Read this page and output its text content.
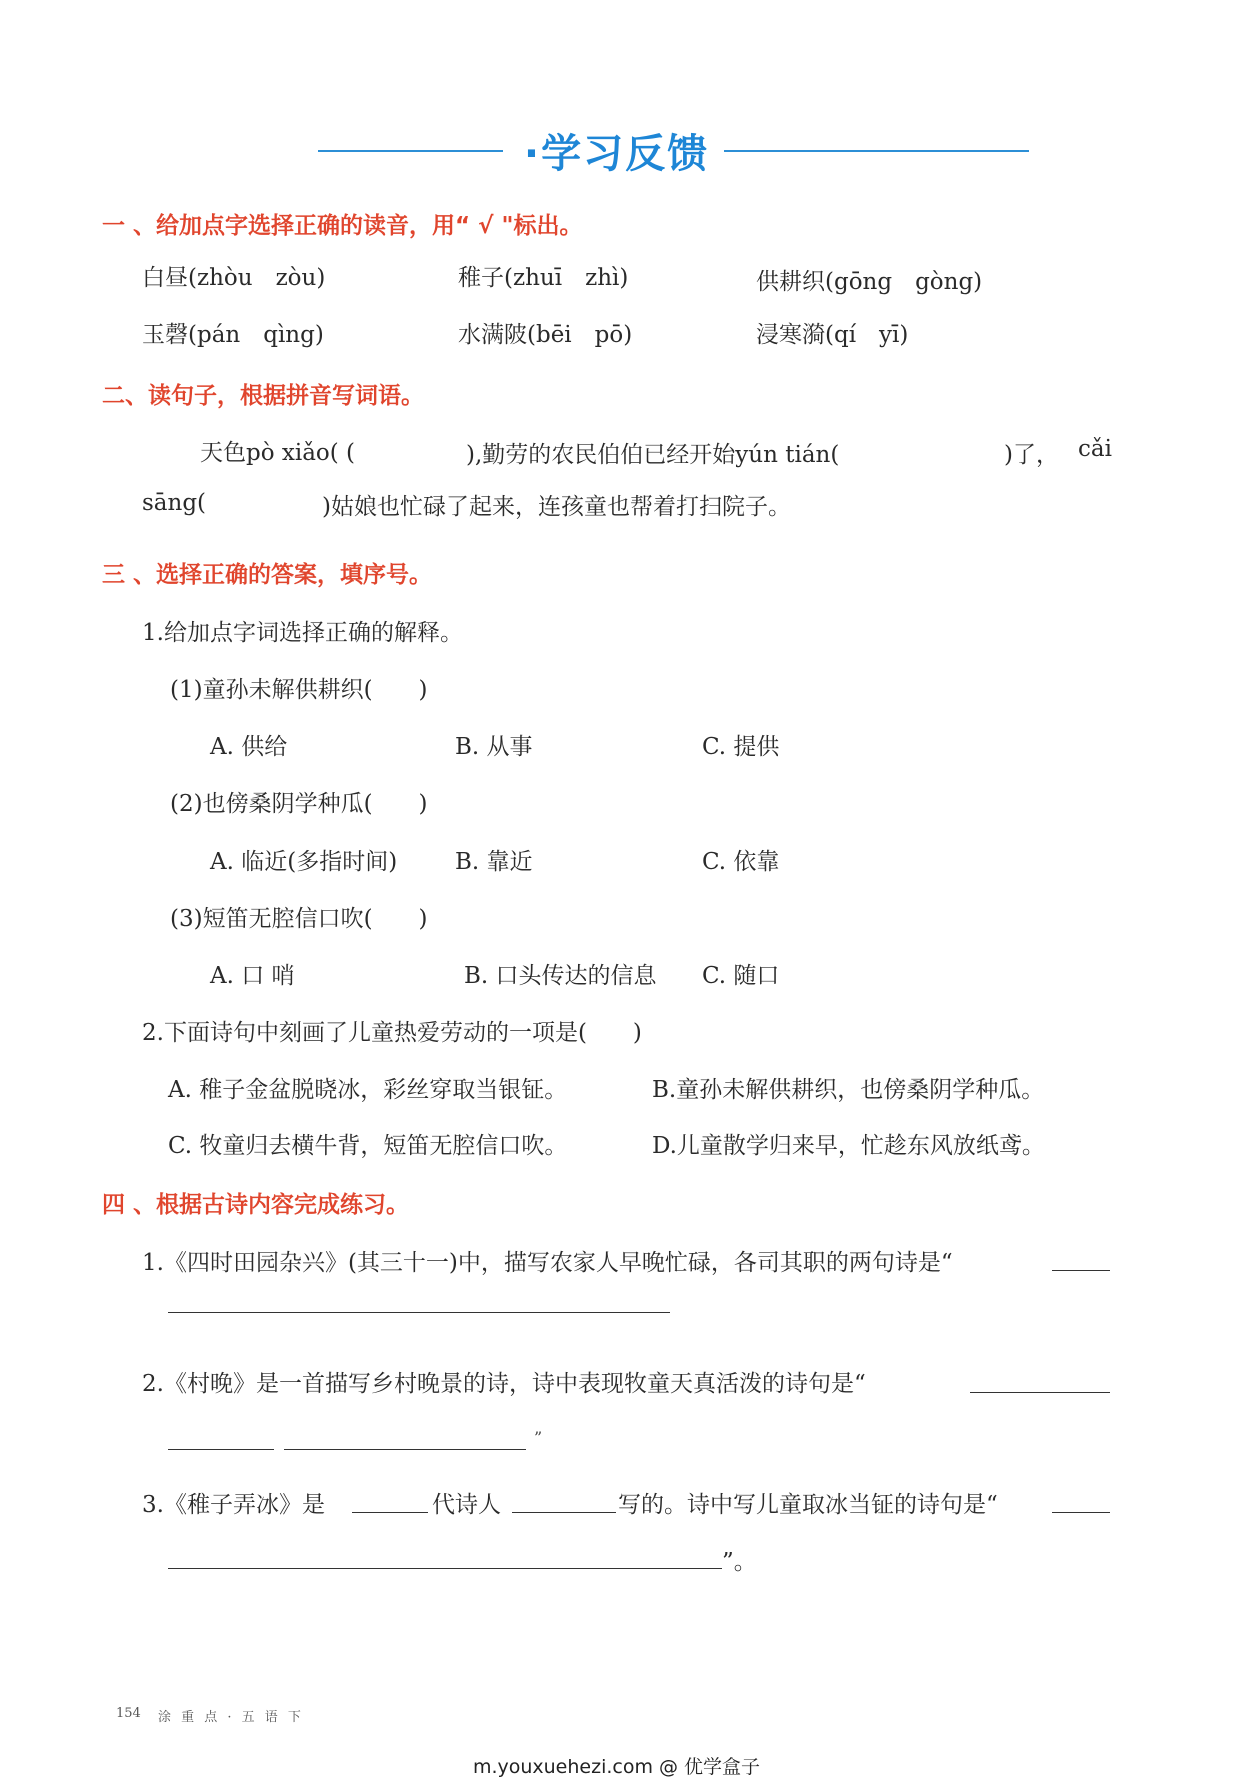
·学习反馈
一 、给加点字选择正确的读音，用“ √ "标出。
白昼(zhòu　zòu)	稚子(zhuī　zhì)	供耕织(gōng　gòng)
玉磬(pán　qìng)	水满陂(bēi　pō)	浸寒漪(qí　yī)
二、读句子，根据拼音写词语。
天色pò xiǎo( (	),勤劳的农民伯伯已经开始yún tián(	)了， cǎi
sāng(	)姑娘也忙碌了起来，连孩童也帮着打扫院子。
三 、选择正确的答案，填序号。
1.给加点字词选择正确的解释。
(1)童孙未解供耕织(　　)
A. 供给	B. 从事	C. 提供
(2)也傍桑阴学种瓜(　　)
A. 临近(多指时间)	B. 靠近	C. 依靠
(3)短笛无腔信口吹(　　)
A. 口 哨	B. 口头传达的信息 C. 随口
2.下面诗句中刻画了儿童热爱劳动的一项是(　　)
A. 稚子金盆脱晓冰，彩丝穿取当银钲。	B.童孙未解供耕织，也傍桑阴学种瓜。
C. 牧童归去横牛背，短笛无腔信口吹。	D.儿童散学归来早，忙趁东风放纸鸢。
四 、根据古诗内容完成练习。
1.《四时田园杂兴》(其三十一)中，描写农家人早晚忙碌，各司其职的两句诗是“
2.《村晚》是一首描写乡村晚景的诗，诗中表现牧童天真活泼的诗句是“
”
3.《稚子弄冰》是	代诗人	写的。诗中写儿童取冰当钲的诗句是“
”。
154 涂 重 点 · 五 语 下
m.youxuehezi.com @ 优学盒子
